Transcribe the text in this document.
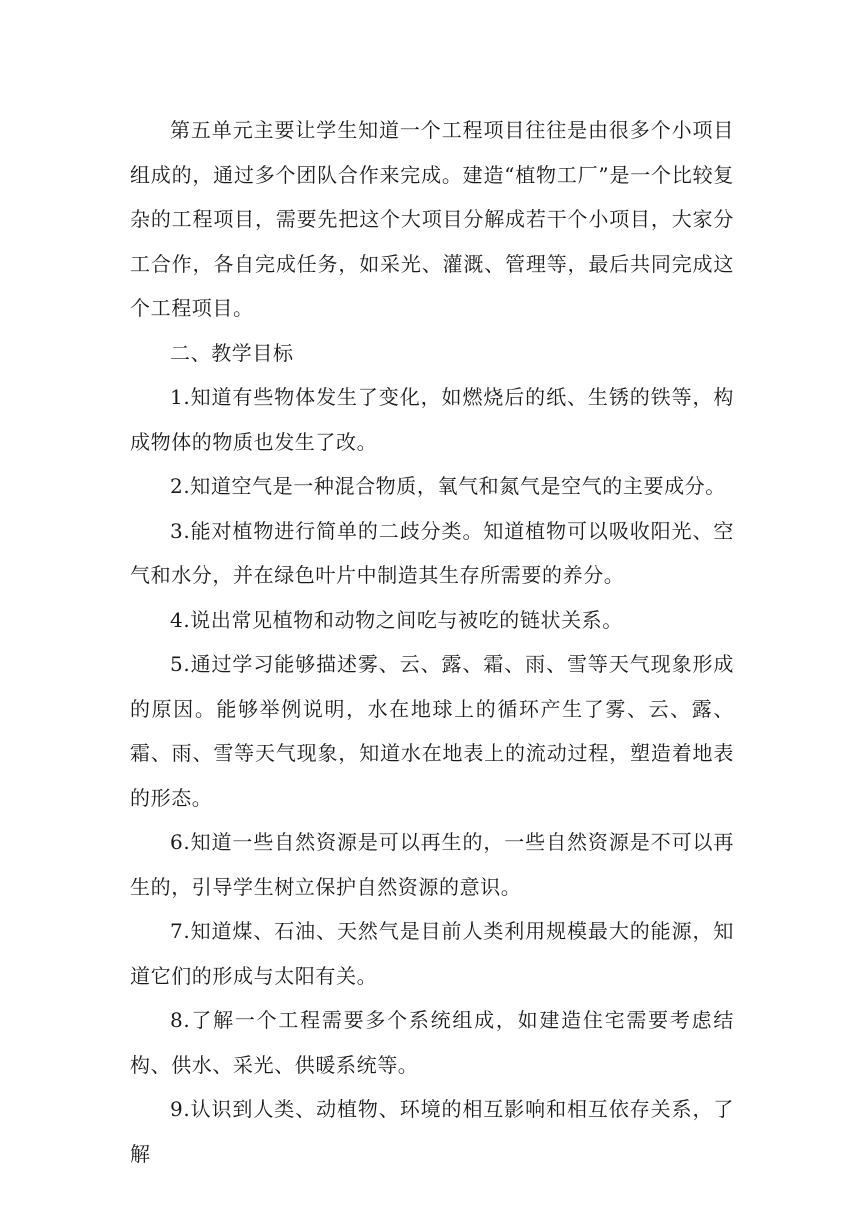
第五单元主要让学生知道一个工程项目往往是由很多个小项目组成的，通过多个团队合作来完成。建造“植物工厂”是一个比较复杂的工程项目，需要先把这个大项目分解成若干个小项目，大家分工合作，各自完成任务，如采光、灌溉、管理等，最后共同完成这个工程项目。

二、教学目标

1.知道有些物体发生了变化，如燃烧后的纸、生锈的铁等，构成物体的物质也发生了改。

2.知道空气是一种混合物质，氧气和氮气是空气的主要成分。

3.能对植物进行简单的二歧分类。知道植物可以吸收阳光、空气和水分，并在绿色叶片中制造其生存所需要的养分。

4.说出常见植物和动物之间吃与被吃的链状关系。

5.通过学习能够描述雾、云、露、霜、雨、雪等天气现象形成的原因。能够举例说明，水在地球上的循环产生了雾、云、露、霜、雨、雪等天气现象，知道水在地表上的流动过程，塑造着地表的形态。

6.知道一些自然资源是可以再生的，一些自然资源是不可以再生的，引导学生树立保护自然资源的意识。

7.知道煤、石油、天然气是目前人类利用规模最大的能源，知道它们的形成与太阳有关。

8.了解一个工程需要多个系统组成，如建造住宅需要考虑结构、供水、采光、供暖系统等。

9.认识到人类、动植物、环境的相互影响和相互依存关系，了解
